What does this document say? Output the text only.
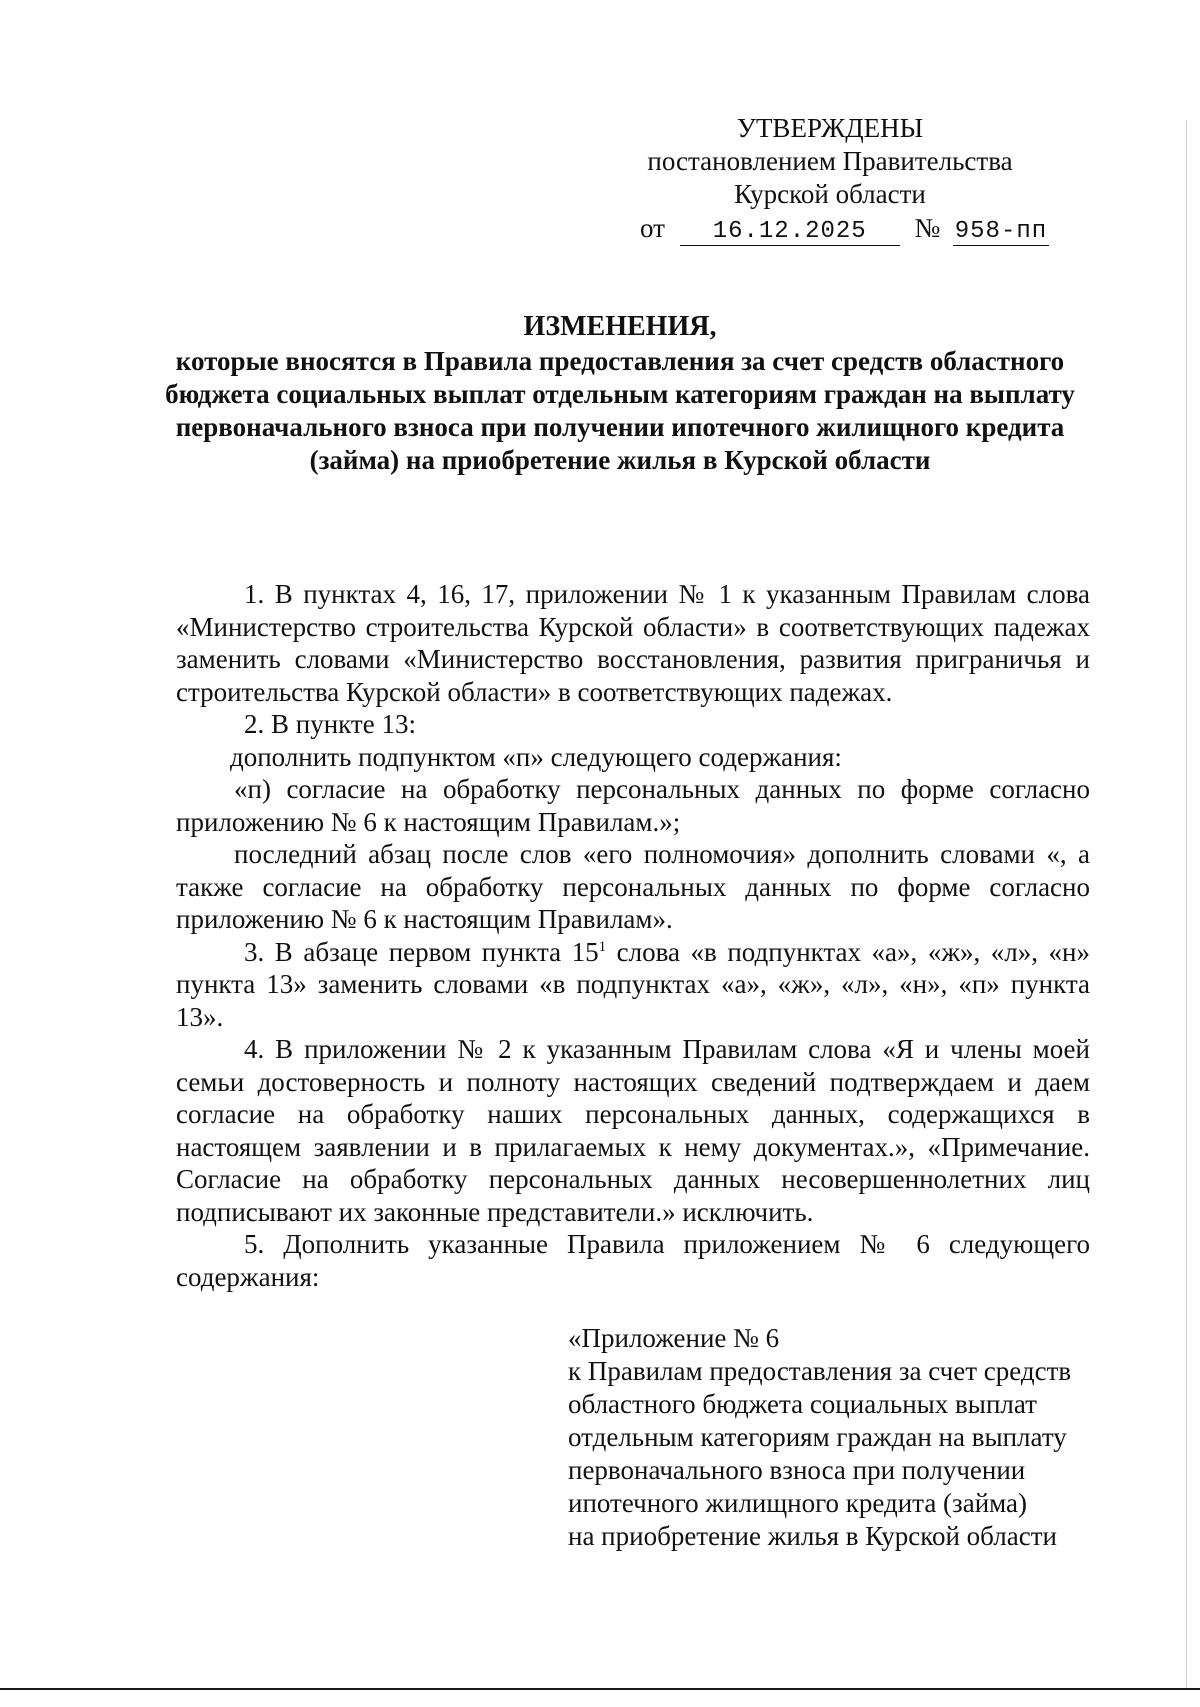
УТВЕРЖДЕНЫ
постановлением Правительства
Курской области
от 16.12.2025 № 958-пп
ИЗМЕНЕНИЯ,
которые вносятся в Правила предоставления за счет средств областного бюджета социальных выплат отдельным категориям граждан на выплату первоначального взноса при получении ипотечного жилищного кредита (займа) на приобретение жилья в Курской области

1. В пунктах 4, 16, 17, приложении № 1 к указанным Правилам слова «Министерство строительства Курской области» в соответствующих падежах заменить словами «Министерство восстановления, развития приграничья и строительства Курской области» в соответствующих падежах.

2. В пункте 13:

дополнить подпунктом «п» следующего содержания:

«п) согласие на обработку персональных данных по форме согласно приложению № 6 к настоящим Правилам.»;

последний абзац после слов «его полномочия» дополнить словами «, а также согласие на обработку персональных данных по форме согласно приложению № 6 к настоящим Правилам».

3. В абзаце первом пункта $15^1$ слова «в подпунктах «а», «ж», «л», «н» пункта 13» заменить словами «в подпунктах «а», «ж», «л», «н», «п» пункта 13».

4. В приложении № 2 к указанным Правилам слова «Я и члены моей семьи достоверность и полноту настоящих сведений подтверждаем и даем согласие на обработку наших персональных данных, содержащихся в настоящем заявлении и в прилагаемых к нему документах.», «Примечание. Согласие на обработку персональных данных несовершеннолетних лиц подписывают их законные представители.» исключить.

5. Дополнить указанные Правила приложением № 6 следующего содержания:

«Приложение № 6
к Правилам предоставления за счет средств
областного бюджета социальных выплат
отдельным категориям граждан на выплату
первоначального взноса при получении
ипотечного жилищного кредита (займа)
на приобретение жилья в Курской области
